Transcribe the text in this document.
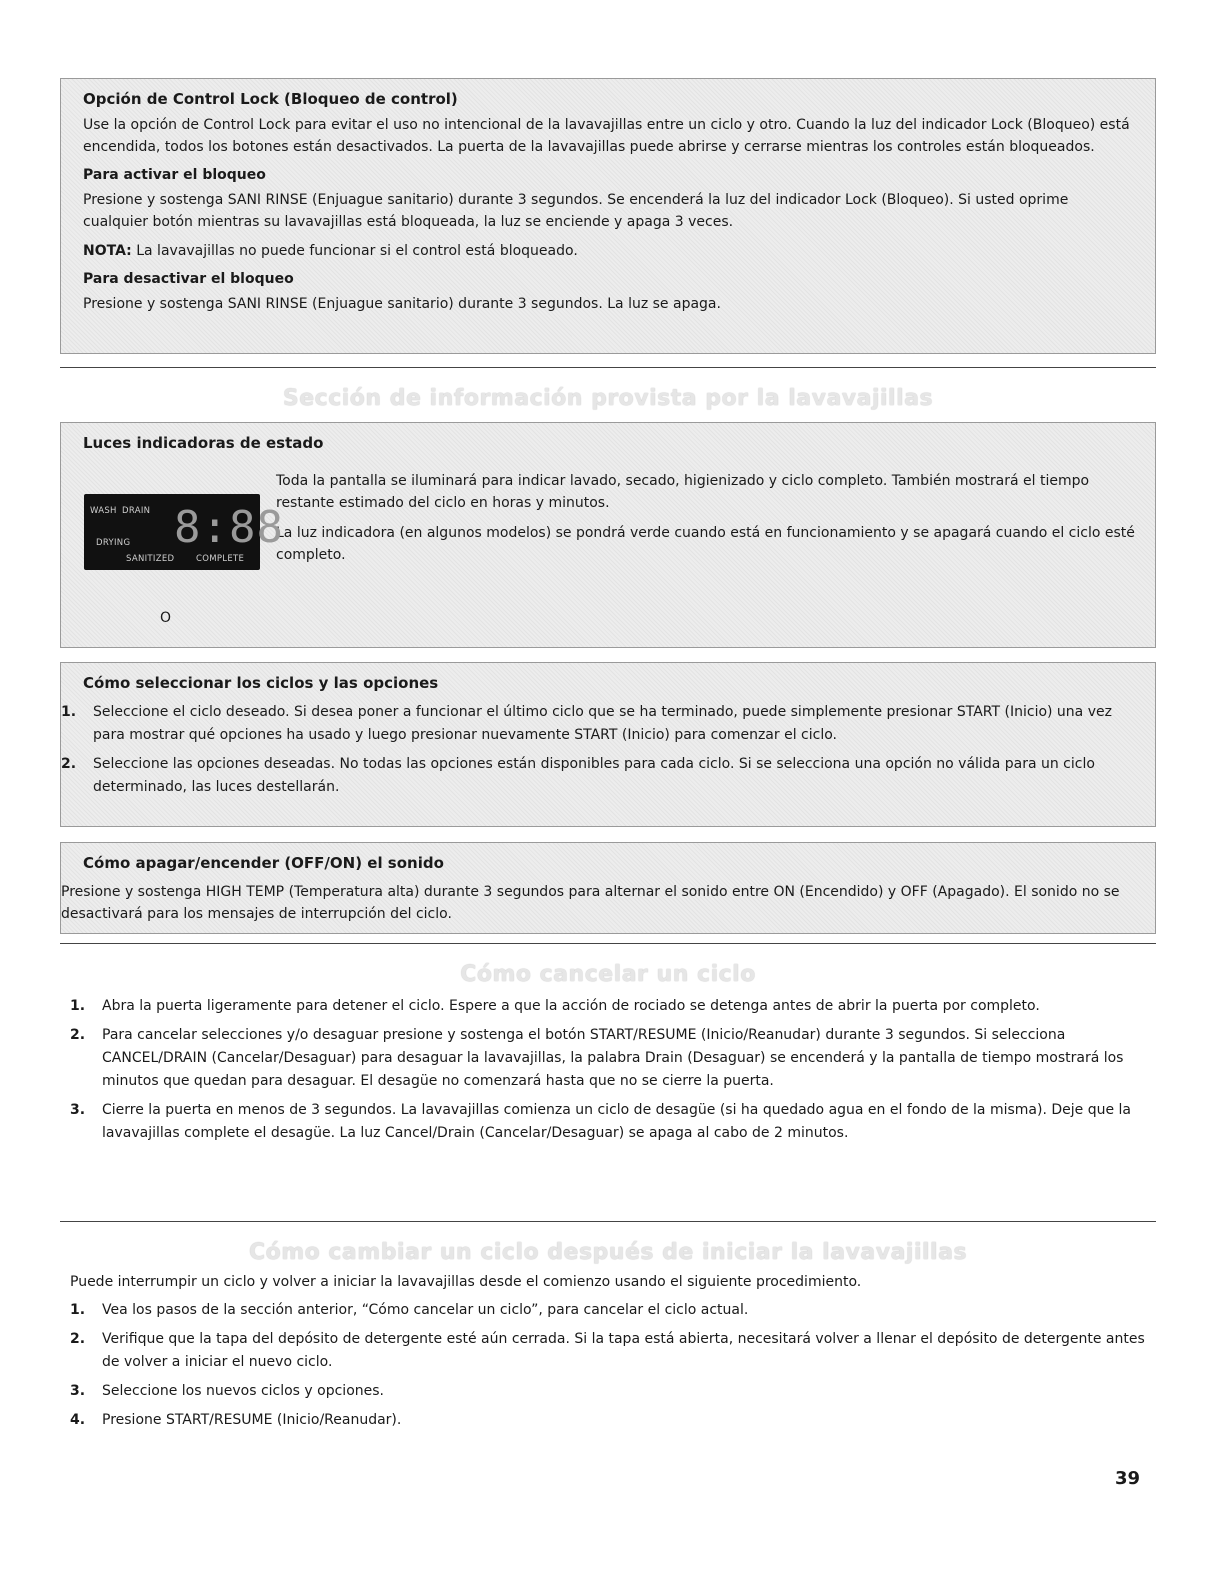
Opción de Control Lock (Bloqueo de control)

Use la opción de Control Lock para evitar el uso no intencional de la lavavajillas entre un ciclo y otro. Cuando la luz del indicador Lock (Bloqueo) está encendida, todos los botones están desactivados. La puerta de la lavavajillas puede abrirse y cerrarse mientras los controles están bloqueados.

Para activar el bloqueo

Presione y sostenga SANI RINSE (Enjuague sanitario) durante 3 segundos. Se encenderá la luz del indicador Lock (Bloqueo). Si usted oprime cualquier botón mientras su lavavajillas está bloqueada, la luz se enciende y apaga 3 veces.

NOTA: La lavavajillas no puede funcionar si el control está bloqueado.

Para desactivar el bloqueo

Presione y sostenga SANI RINSE (Enjuague sanitario) durante 3 segundos. La luz se apaga.

Sección de información provista por la lavavajillas
Luces indicadoras de estado

Toda la pantalla se iluminará para indicar lavado, secado, higienizado y ciclo completo. También mostrará el tiempo restante estimado del ciclo en horas y minutos.

La luz indicadora (en algunos modelos) se pondrá verde cuando está en funcionamiento y se apagará cuando el ciclo esté completo.

WASH DRAIN
DRYING
SANITIZED	COMPLETE
8:88
O
Cómo seleccionar los ciclos y las opciones
1. Seleccione el ciclo deseado. Si desea poner a funcionar el último ciclo que se ha terminado, puede simplemente presionar START (Inicio) una vez para mostrar qué opciones ha usado y luego presionar nuevamente START (Inicio) para comenzar el ciclo.
2. Seleccione las opciones deseadas. No todas las opciones están disponibles para cada ciclo. Si se selecciona una opción no válida para un ciclo determinado, las luces destellarán.
Cómo apagar/encender (OFF/ON) el sonido

Presione y sostenga HIGH TEMP (Temperatura alta) durante 3 segundos para alternar el sonido entre ON (Encendido) y OFF (Apagado). El sonido no se desactivará para los mensajes de interrupción del ciclo.

Cómo cancelar un ciclo
1. Abra la puerta ligeramente para detener el ciclo. Espere a que la acción de rociado se detenga antes de abrir la puerta por completo.
2. Para cancelar selecciones y/o desaguar presione y sostenga el botón START/RESUME (Inicio/Reanudar) durante 3 segundos. Si selecciona CANCEL/DRAIN (Cancelar/Desaguar) para desaguar la lavavajillas, la palabra Drain (Desaguar) se encenderá y la pantalla de tiempo mostrará los minutos que quedan para desaguar. El desagüe no comenzará hasta que no se cierre la puerta.
3. Cierre la puerta en menos de 3 segundos. La lavavajillas comienza un ciclo de desagüe (si ha quedado agua en el fondo de la misma). Deje que la lavavajillas complete el desagüe. La luz Cancel/Drain (Cancelar/Desaguar) se apaga al cabo de 2 minutos.
Cómo cambiar un ciclo después de iniciar la lavavajillas

Puede interrumpir un ciclo y volver a iniciar la lavavajillas desde el comienzo usando el siguiente procedimiento.

1. Vea los pasos de la sección anterior, “Cómo cancelar un ciclo”, para cancelar el ciclo actual.
2. Verifique que la tapa del depósito de detergente esté aún cerrada. Si la tapa está abierta, necesitará volver a llenar el depósito de detergente antes de volver a iniciar el nuevo ciclo.
3. Seleccione los nuevos ciclos y opciones.
4. Presione START/RESUME (Inicio/Reanudar).
39
